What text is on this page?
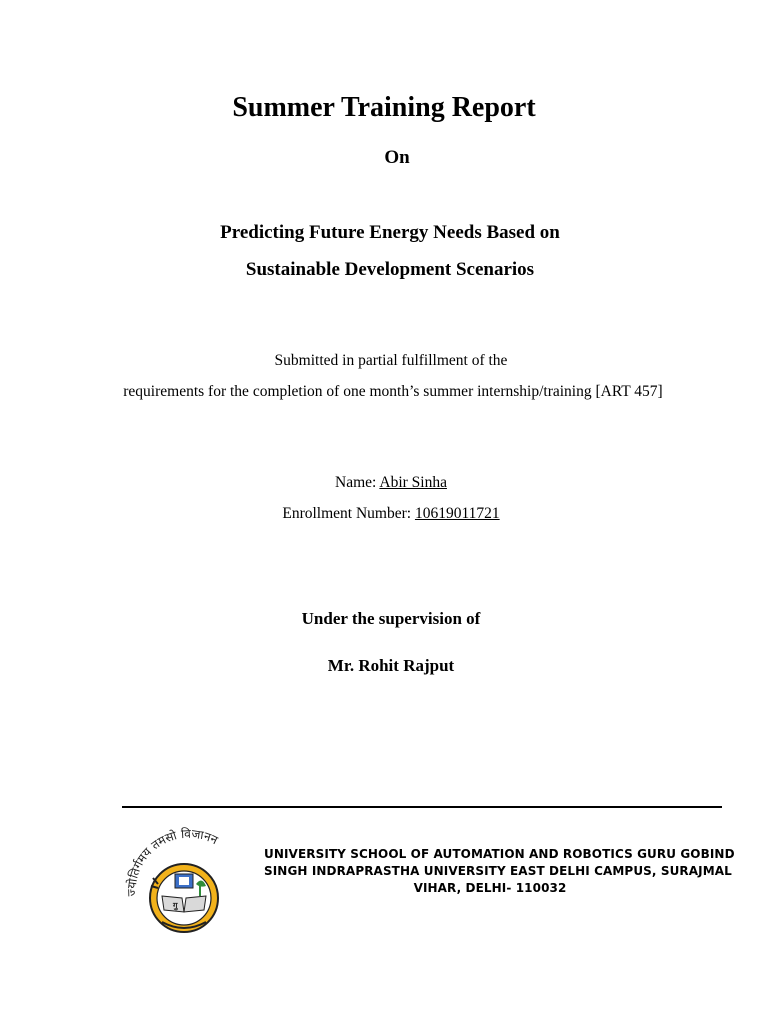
Summer Training Report
On
Predicting Future Energy Needs Based on
Sustainable Development Scenarios
Submitted in partial fulfillment of the
requirements for the completion of one month’s summer internship/training [ART 457]
Name: Abir Sinha
Enrollment Number: 10619011721
Under the supervision of
Mr. Rohit Rajput
ज्योतिर्गमय तमसो विजानन
गु
UNIVERSITY SCHOOL OF AUTOMATION AND ROBOTICS GURU GOBIND
SINGH INDRAPRASTHA UNIVERSITY EAST DELHI CAMPUS, SURAJMAL
VIHAR, DELHI- 110032
